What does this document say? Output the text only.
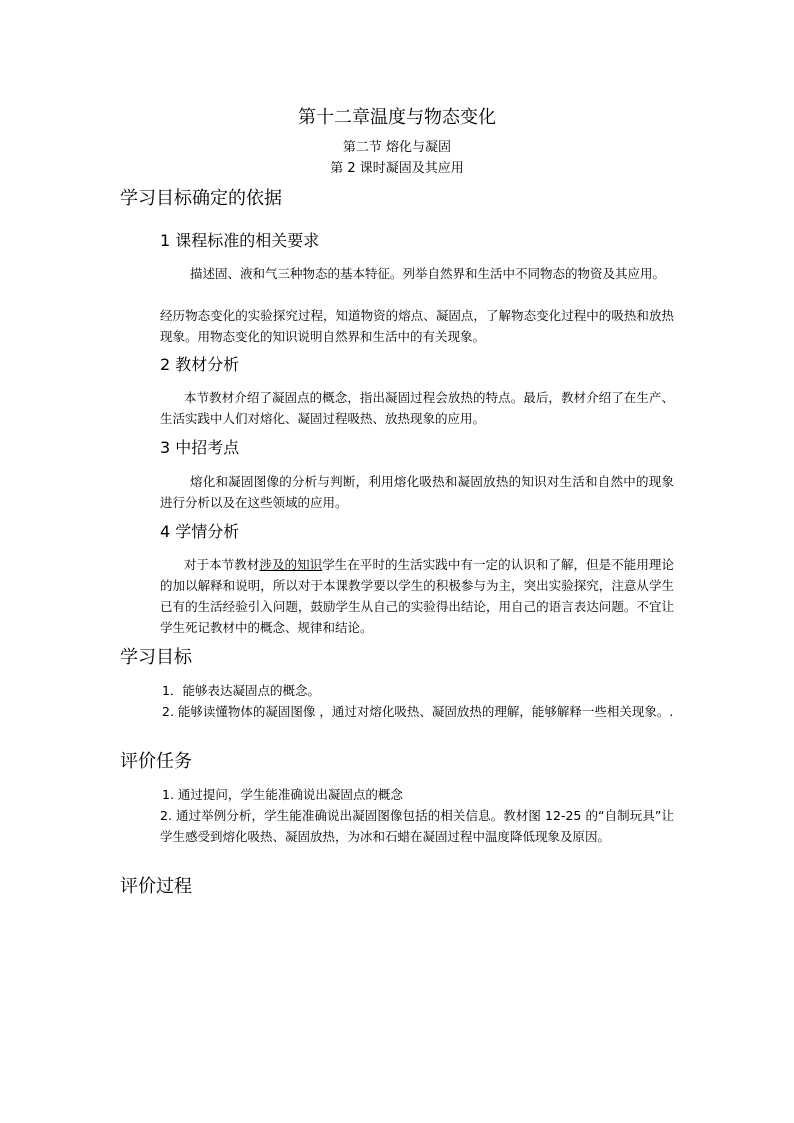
第十二章温度与物态变化
第二节 熔化与凝固
第 2 课时凝固及其应用
学习目标确定的依据
1 课程标准的相关要求

描述固、液和气三种物态的基本特征。列举自然界和生活中不同物态的物资及其应用。

经历物态变化的实验探究过程，知道物资的熔点、凝固点，了解物态变化过程中的吸热和放热现象。用物态变化的知识说明自然界和生活中的有关现象。

2 教材分析

本节教材介绍了凝固点的概念，指出凝固过程会放热的特点。最后，教材介绍了在生产、生活实践中人们对熔化、凝固过程吸热、放热现象的应用。

3 中招考点

熔化和凝固图像的分析与判断，利用熔化吸热和凝固放热的知识对生活和自然中的现象进行分析以及在这些领域的应用。

4 学情分析

对于本节教材涉及的知识学生在平时的生活实践中有一定的认识和了解，但是不能用理论的加以解释和说明，所以对于本课教学要以学生的积极参与为主，突出实验探究，注意从学生已有的生活经验引入问题，鼓励学生从自己的实验得出结论，用自己的语言表达问题。不宜让学生死记教材中的概念、规律和结论。

学习目标

1．能够表达凝固点的概念。

2. 能够读懂物体的凝固图像 ，通过对熔化吸热、凝固放热的理解，能够解释一些相关现象。.

评价任务

1. 通过提问，学生能准确说出凝固点的概念

2. 通过举例分析，学生能准确说出凝固图像包括的相关信息。教材图 12-25 的“自制玩具”让学生感受到熔化吸热、凝固放热，为冰和石蜡在凝固过程中温度降低现象及原因。

评价过程
